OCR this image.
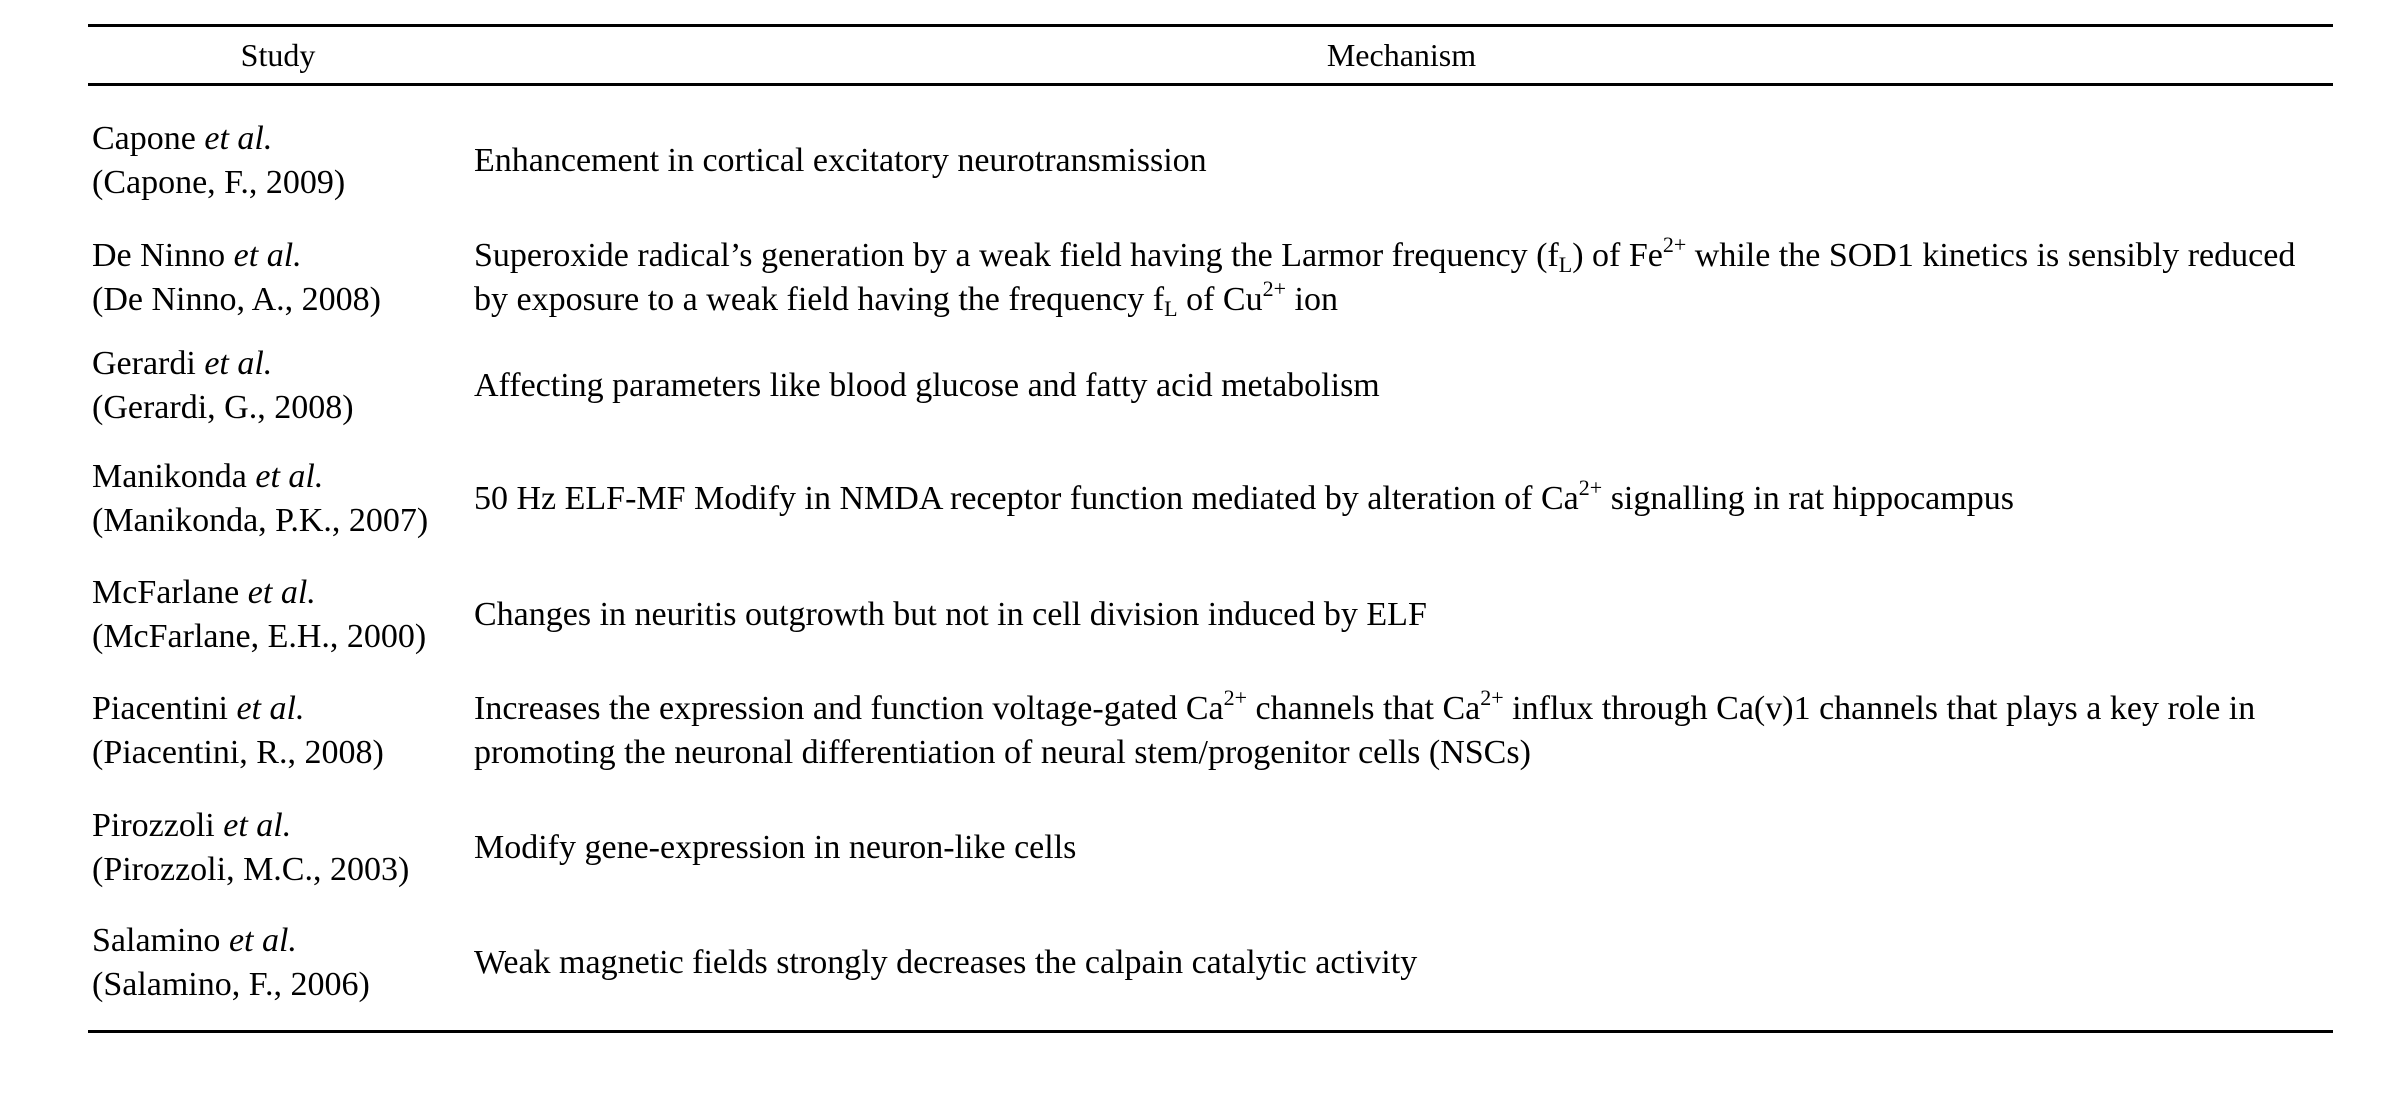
Study	Mechanism
Capone et al.
(Capone, F., 2009)
Enhancement in cortical excitatory neurotransmission
De Ninno et al.
(De Ninno, A., 2008)
Superoxide radical’s generation by a weak field having the Larmor frequency $(f_L)$ of $Fe^{2+}$ while the SOD1 kinetics is sensibly reduced by exposure to a weak field having the frequency $f_L$ of $Cu^{2+}$ ion
Gerardi et al.
(Gerardi, G., 2008)
Affecting parameters like blood glucose and fatty acid metabolism
Manikonda et al.
(Manikonda, P.K., 2007)
50 Hz ELF-MF Modify in NMDA receptor function mediated by alteration of $Ca^{2+}$ signalling in rat hippocampus
McFarlane et al.
(McFarlane, E.H., 2000)
Changes in neuritis outgrowth but not in cell division induced by ELF
Piacentini et al.
(Piacentini, R., 2008)
Increases the expression and function voltage-gated $Ca^{2+}$ channels that $Ca^{2+}$ influx through Ca(v)1 channels that plays a key role in promoting the neuronal differentiation of neural stem/progenitor cells (NSCs)
Pirozzoli et al.
(Pirozzoli, M.C., 2003)
Modify gene-expression in neuron-like cells
Salamino et al.
(Salamino, F., 2006)
Weak magnetic fields strongly decreases the calpain catalytic activity
